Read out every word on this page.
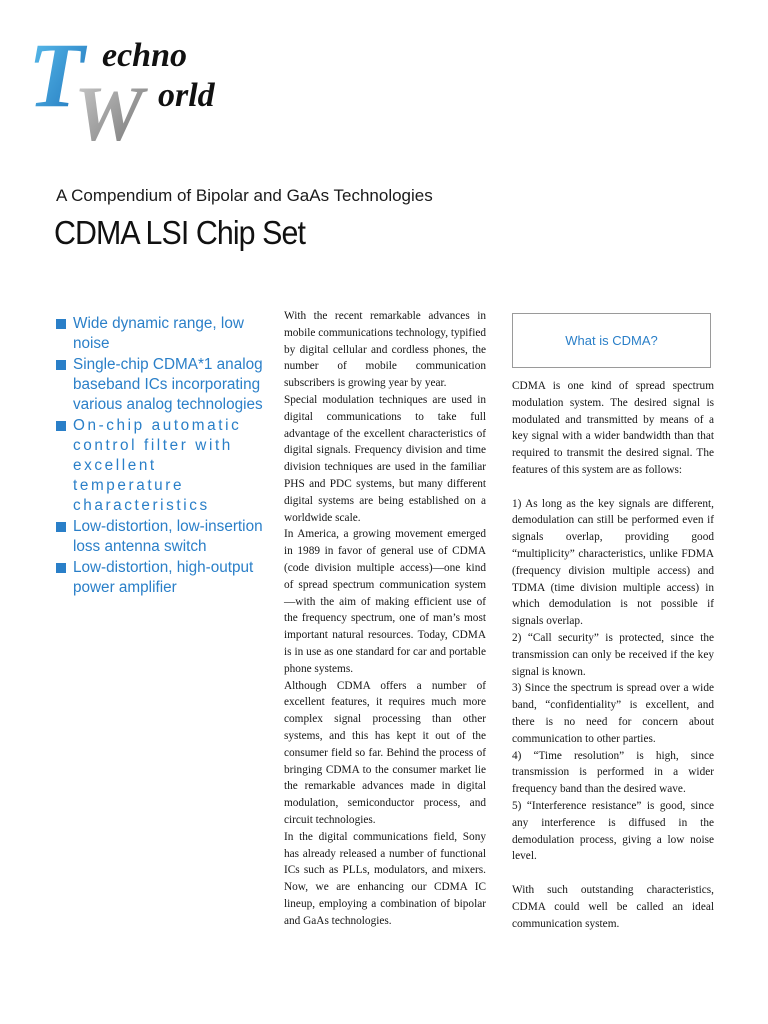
T
W
echno
orld
A Compendium of Bipolar and GaAs Technologies
CDMA LSI Chip Set
Wide dynamic range, low noise
Single-chip CDMA*1 analog baseband ICs incorporating various analog technologies
On-chip automatic control filter with excellent temperature characteristics
Low-distortion, low-insertion loss antenna switch
Low-distortion, high-output power amplifier

With the recent remarkable advances in mobile communications technology, typified by digital cellular and cordless phones, the number of mobile communication subscribers is growing year by year.

Special modulation techniques are used in digital communications to take full advantage of the excellent characteristics of digital signals. Frequency division and time division techniques are used in the familiar PHS and PDC systems, but many different digital systems are being established on a worldwide scale.

In America, a growing movement emerged in 1989 in favor of general use of CDMA (code division multiple access)—one kind of spread spectrum communication system—with the aim of making efficient use of the frequency spectrum, one of man’s most important natural resources. Today, CDMA is in use as one standard for car and portable phone systems.

Although CDMA offers a number of excellent features, it requires much more complex signal processing than other systems, and this has kept it out of the consumer field so far. Behind the process of bringing CDMA to the consumer market lie the remarkable advances made in digital modulation, semiconductor process, and circuit technologies.

In the digital communications field, Sony has already released a number of functional ICs such as PLLs, modulators, and mixers. Now, we are enhancing our CDMA IC lineup, employing a combination of bipolar and GaAs technologies.

What is CDMA?

CDMA is one kind of spread spectrum modulation system. The desired signal is modulated and transmitted by means of a key signal with a wider bandwidth than that required to transmit the desired signal. The features of this system are as follows:

1) As long as the key signals are different, demodulation can still be performed even if signals overlap, providing good “multiplicity” characteristics, unlike FDMA (frequency division multiple access) and TDMA (time division multiple access) in which demodulation is not possible if signals overlap.

2) “Call security” is protected, since the transmission can only be received if the key signal is known.

3) Since the spectrum is spread over a wide band, “confidentiality” is excellent, and there is no need for concern about communication to other parties.

4) “Time resolution” is high, since transmission is performed in a wider frequency band than the desired wave.

5) “Interference resistance” is good, since any interference is diffused in the demodulation process, giving a low noise level.

With such outstanding characteristics, CDMA could well be called an ideal communication system.
